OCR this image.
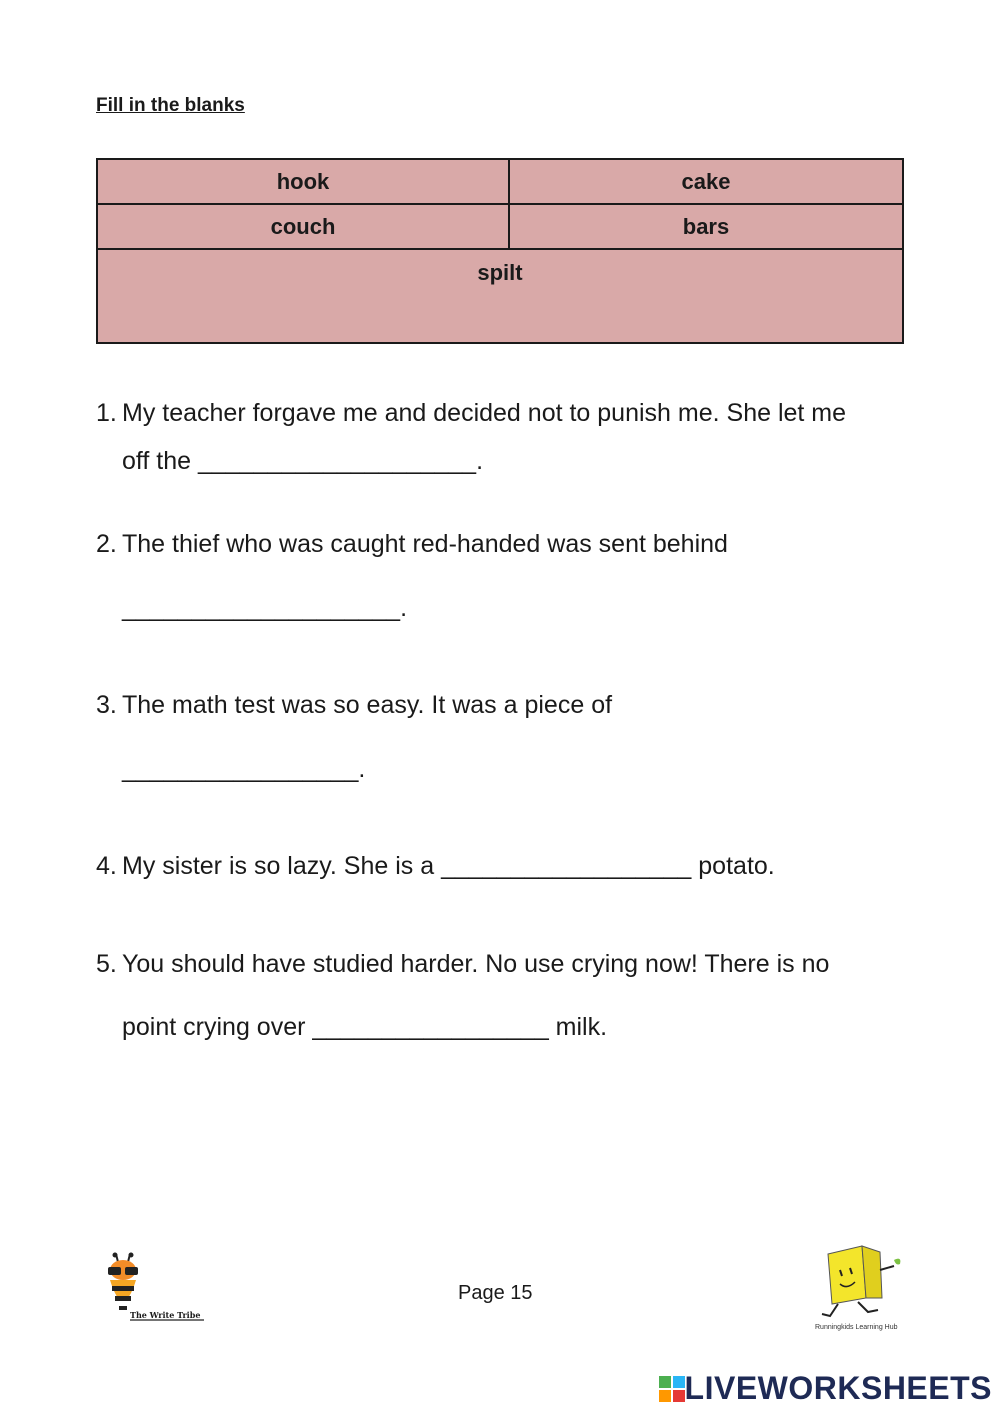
Fill in the blanks
hook	cake
couch	bars
spilt	
1. My teacher forgave me and decided not to punish me. She let me
off the ____________________.
2. The thief who was caught red-handed was sent behind
____________________.
3. The math test was so easy. It was a piece of
_________________.
4. My sister is so lazy. She is a __________________ potato.
5. You should have studied harder. No use crying now! There is no
point crying over _________________ milk.
The Write Tribe
Page 15
Runningkids Learning Hub
LIVEWORKSHEETS
